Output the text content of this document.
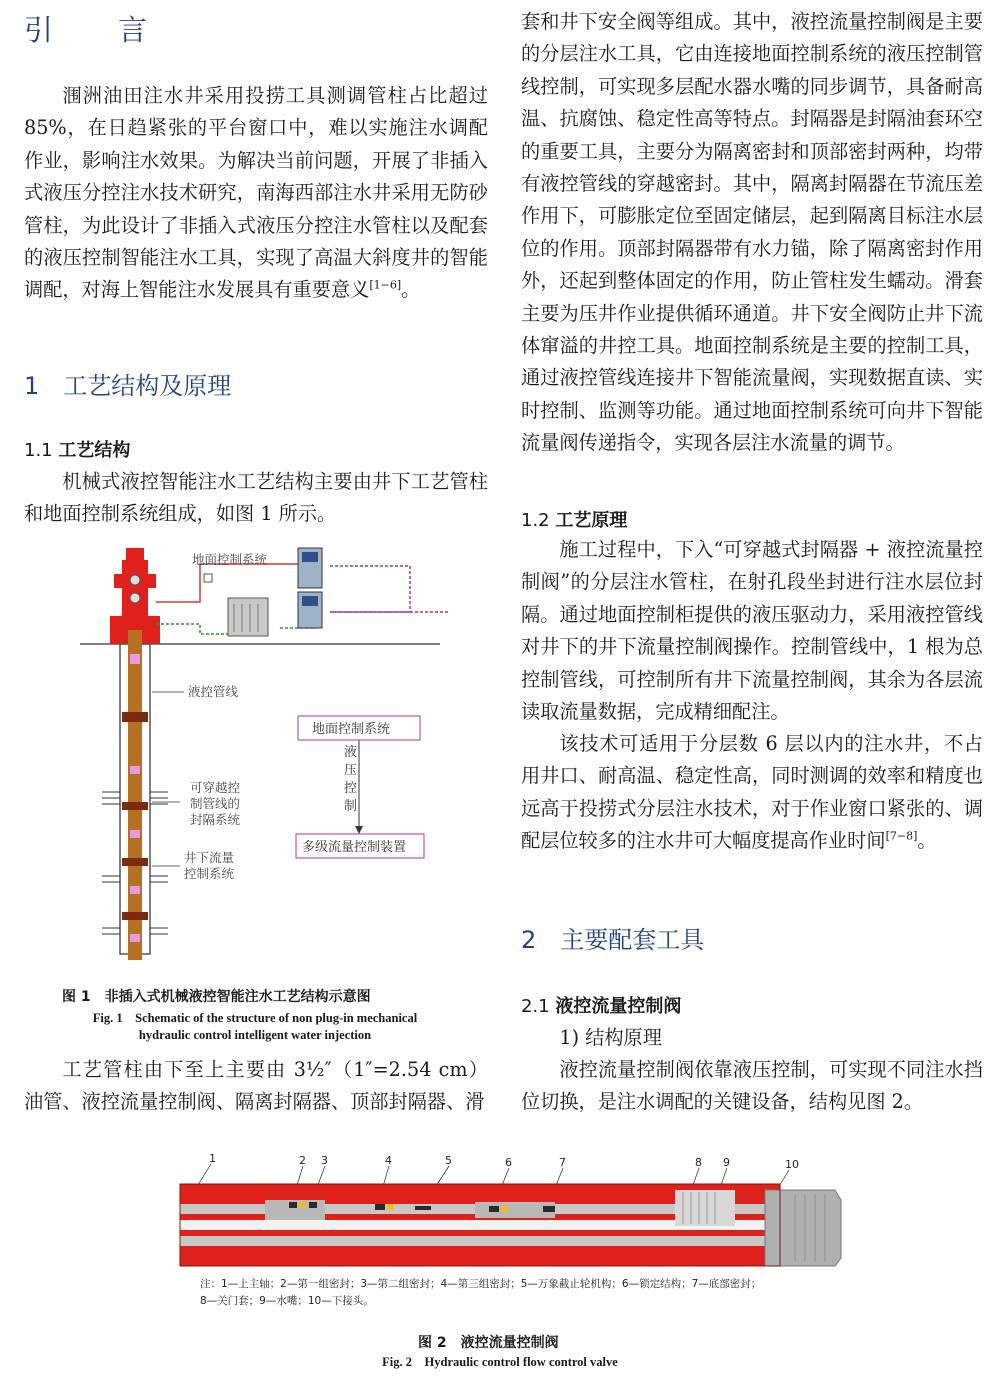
引　言

涠洲油田注水井采用投捞工具测调管柱占比超过 85%，在日趋紧张的平台窗口中，难以实施注水调配作业，影响注水效果。为解决当前问题，开展了非插入式液压分控注水技术研究，南海西部注水井采用无防砂管柱，为此设计了非插入式液压分控注水管柱以及配套的液压控制智能注水工具，实现了高温大斜度井的智能调配，对海上智能注水发展具有重要意义[1−6]。

1　工艺结构及原理
1.1 工艺结构

机械式液控智能注水工艺结构主要由井下工艺管柱和地面控制系统组成，如图 1 所示。

地面控制系统
液控管线
可穿越控
制管线的
封隔系统
井下流量
控制系统
地面控制系统
液
压
控
制
多级流量控制装置
图 1　非插入式机械液控智能注水工艺结构示意图
Fig. 1　Schematic of the structure of non plug-in mechanical
hydraulic control intelligent water injection

工艺管柱由下至上主要由 3½″（1″=2.54 cm）油管、液控流量控制阀、隔离封隔器、顶部封隔器、滑

套和井下安全阀等组成。其中，液控流量控制阀是主要的分层注水工具，它由连接地面控制系统的液压控制管线控制，可实现多层配水器水嘴的同步调节，具备耐高温、抗腐蚀、稳定性高等特点。封隔器是封隔油套环空的重要工具，主要分为隔离密封和顶部密封两种，均带有液控管线的穿越密封。其中，隔离封隔器在节流压差作用下，可膨胀定位至固定储层，起到隔离目标注水层位的作用。顶部封隔器带有水力锚，除了隔离密封作用外，还起到整体固定的作用，防止管柱发生蠕动。滑套主要为压井作业提供循环通道。井下安全阀防止井下流体窜溢的井控工具。地面控制系统是主要的控制工具，通过液控管线连接井下智能流量阀，实现数据直读、实时控制、监测等功能。通过地面控制系统可向井下智能流量阀传递指令，实现各层注水流量的调节。

1.2 工艺原理

施工过程中，下入“可穿越式封隔器 + 液控流量控制阀”的分层注水管柱，在射孔段坐封进行注水层位封隔。通过地面控制柜提供的液压驱动力，采用液控管线对井下的井下流量控制阀操作。控制管线中，1 根为总控制管线，可控制所有井下流量控制阀，其余为各层流读取流量数据，完成精细配注。

该技术可适用于分层数 6 层以内的注水井，不占用井口、耐高温、稳定性高，同时测调的效率和精度也远高于投捞式分层注水技术，对于作业窗口紧张的、调配层位较多的注水井可大幅度提高作业时间[7−8]。

2　主要配套工具
2.1 液控流量控制阀

1) 结构原理

液控流量控制阀依靠液压控制，可实现不同注水挡位切换，是注水调配的关键设备，结构见图 2。

1	2 3	4	5	6	7	8 9	10
注：1—上主轴；2—第一组密封；3—第二组密封；4—第三组密封；5—万象截止轮机构；6—锁定结构；7—底部密封；
8—关门套；9—水嘴；10—下接头。
图 2　液控流量控制阀
Fig. 2　Hydraulic control flow control valve
